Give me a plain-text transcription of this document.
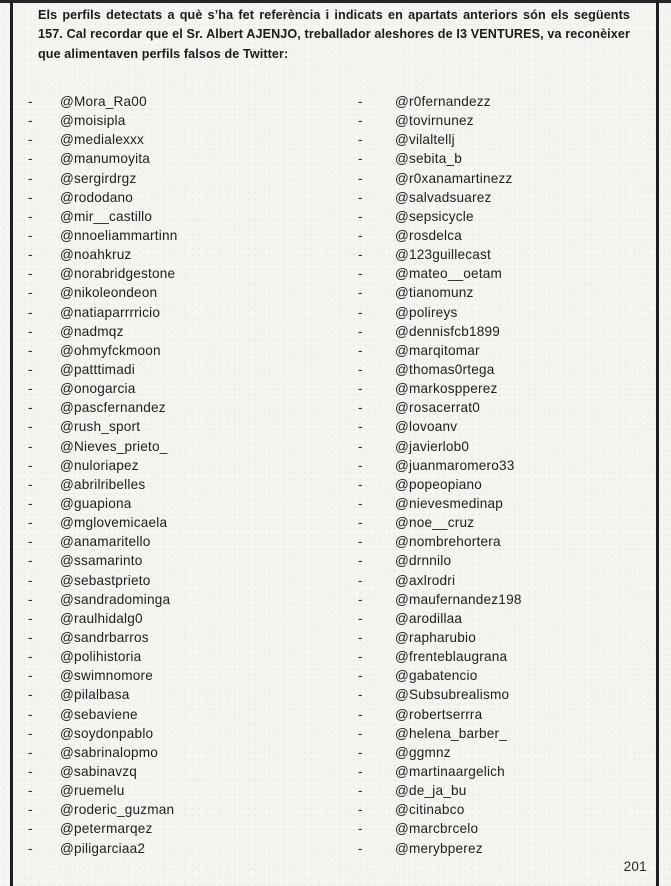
Els perfils detectats a què s’ha fet referència i indicats en apartats anteriors són els següents 157. Cal recordar que el Sr. Albert AJENJO, treballador aleshores de I3 VENTURES, va reconèixer que alimentaven perfils falsos de Twitter:

-	@Mora_Ra00
-	@moisipla
-	@medialexxx
-	@manumoyita
-	@sergirdrgz
-	@rododano
-	@mir__castillo
-	@nnoeliammartinn
-	@noahkruz
-	@norabridgestone
-	@nikoleondeon
-	@natiaparrrricio
-	@nadmqz
-	@ohmyfckmoon
-	@patttimadi
-	@onogarcia
-	@pascfernandez
-	@rush_sport
-	@Nieves_prieto_
-	@nuloriapez
-	@abrilribelles
-	@guapiona
-	@mglovemicaela
-	@anamaritello
-	@ssamarinto
-	@sebastprieto
-	@sandradominga
-	@raulhidalg0
-	@sandrbarros
-	@polihistoria
-	@swimnomore
-	@pilalbasa
-	@sebaviene
-	@soydonpablo
-	@sabrinalopmo
-	@sabinavzq
-	@ruemelu
-	@roderic_guzman
-	@petermarqez
-	@piligarciaa2
-	@r0fernandezz
-	@tovirnunez
-	@vilaltellj
-	@sebita_b
-	@r0xanamartinezz
-	@salvadsuarez
-	@sepsicycle
-	@rosdelca
-	@123guillecast
-	@mateo__oetam
-	@tianomunz
-	@polireys
-	@dennisfcb1899
-	@marqitomar
-	@thomas0rtega
-	@markospperez
-	@rosacerrat0
-	@lovoanv
-	@javierlob0
-	@juanmaromero33
-	@popeopiano
-	@nievesmedinap
-	@noe__cruz
-	@nombrehortera
-	@drnnilo
-	@axlrodri
-	@maufernandez198
-	@arodillaa
-	@rapharubio
-	@frenteblaugrana
-	@gabatencio
-	@Subsubrealismo
-	@robertserrra
-	@helena_barber_
-	@ggmnz
-	@martinaargelich
-	@de_ja_bu
-	@citinabco
-	@marcbrcelo
-	@merybperez
201
